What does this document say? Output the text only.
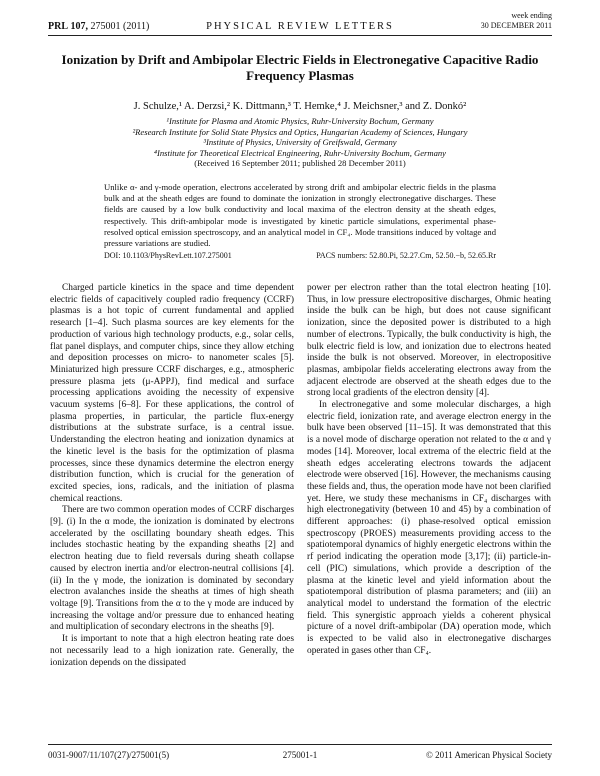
PRL 107, 275001 (2011)	PHYSICAL REVIEW LETTERS
week ending
30 DECEMBER 2011
Ionization by Drift and Ambipolar Electric Fields in Electronegative Capacitive Radio Frequency Plasmas
J. Schulze,¹ A. Derzsi,² K. Dittmann,³ T. Hemke,⁴ J. Meichsner,³ and Z. Donkó²
¹Institute for Plasma and Atomic Physics, Ruhr-University Bochum, Germany
²Research Institute for Solid State Physics and Optics, Hungarian Academy of Sciences, Hungary
³Institute of Physics, University of Greifswald, Germany
⁴Institute for Theoretical Electrical Engineering, Ruhr-University Bochum, Germany
(Received 16 September 2011; published 28 December 2011)
Unlike α- and γ-mode operation, electrons accelerated by strong drift and ambipolar electric fields in the plasma bulk and at the sheath edges are found to dominate the ionization in strongly electronegative discharges. These fields are caused by a low bulk conductivity and local maxima of the electron density at the sheath edges, respectively. This drift-ambipolar mode is investigated by kinetic particle simulations, experimental phase-resolved optical emission spectroscopy, and an analytical model in CF₄. Mode transitions induced by voltage and pressure variations are studied.
DOI: 10.1103/PhysRevLett.107.275001	PACS numbers: 52.80.Pi, 52.27.Cm, 52.50.−b, 52.65.Rr

Charged particle kinetics in the space and time dependent electric fields of capacitively coupled radio frequency (CCRF) plasmas is a hot topic of current fundamental and applied research [1–4]. Such plasma sources are key elements for the production of various high technology products, e.g., solar cells, flat panel displays, and computer chips, since they allow etching and deposition processes on micro- to nanometer scales [5]. Miniaturized high pressure CCRF discharges, e.g., atmospheric pressure plasma jets (μ-APPJ), find medical and surface processing applications avoiding the necessity of expensive vacuum systems [6–8]. For these applications, the control of plasma properties, in particular, the particle flux-energy distributions at the substrate surface, is a central issue. Understanding the electron heating and ionization dynamics at the kinetic level is the basis for the optimization of plasma processes, since these dynamics determine the electron energy distribution function, which is crucial for the generation of excited species, ions, radicals, and the initiation of plasma chemical reactions.

There are two common operation modes of CCRF discharges [9]. (i) In the α mode, the ionization is dominated by electrons accelerated by the oscillating boundary sheath edges. This includes stochastic heating by the expanding sheaths [2] and electron heating due to field reversals during sheath collapse caused by electron inertia and/or electron-neutral collisions [4]. (ii) In the γ mode, the ionization is dominated by secondary electron avalanches inside the sheaths at times of high sheath voltage [9]. Transitions from the α to the γ mode are induced by increasing the voltage and/or pressure due to enhanced heating and multiplication of secondary electrons in the sheaths [9].

It is important to note that a high electron heating rate does not necessarily lead to a high ionization rate. Generally, the ionization depends on the dissipated

power per electron rather than the total electron heating [10]. Thus, in low pressure electropositive discharges, Ohmic heating inside the bulk can be high, but does not cause significant ionization, since the deposited power is distributed to a high number of electrons. Typically, the bulk conductivity is high, the bulk electric field is low, and ionization due to electrons heated inside the bulk is not observed. Moreover, in electropositive plasmas, ambipolar fields accelerating electrons away from the adjacent electrode are observed at the sheath edges due to the strong local gradients of the electron density [4].

In electronegative and some molecular discharges, a high electric field, ionization rate, and average electron energy in the bulk have been observed [11–15]. It was demonstrated that this is a novel mode of discharge operation not related to the α and γ modes [14]. Moreover, local extrema of the electric field at the sheath edges accelerating electrons towards the adjacent electrode were observed [16]. However, the mechanisms causing these fields and, thus, the operation mode have not been clarified yet. Here, we study these mechanisms in CF₄ discharges with high electronegativity (between 10 and 45) by a combination of different approaches: (i) phase-resolved optical emission spectroscopy (PROES) measurements providing access to the spatiotemporal dynamics of highly energetic electrons within the rf period indicating the operation mode [3,17]; (ii) particle-in-cell (PIC) simulations, which provide a description of the plasma at the kinetic level and yield information about the spatiotemporal distribution of plasma parameters; and (iii) an analytical model to understand the formation of the electric field. This synergistic approach yields a coherent physical picture of a novel drift-ambipolar (DA) operation mode, which is expected to be valid also in electronegative discharges operated in gases other than CF₄.

0031-9007/11/107(27)/275001(5)	275001-1	© 2011 American Physical Society
